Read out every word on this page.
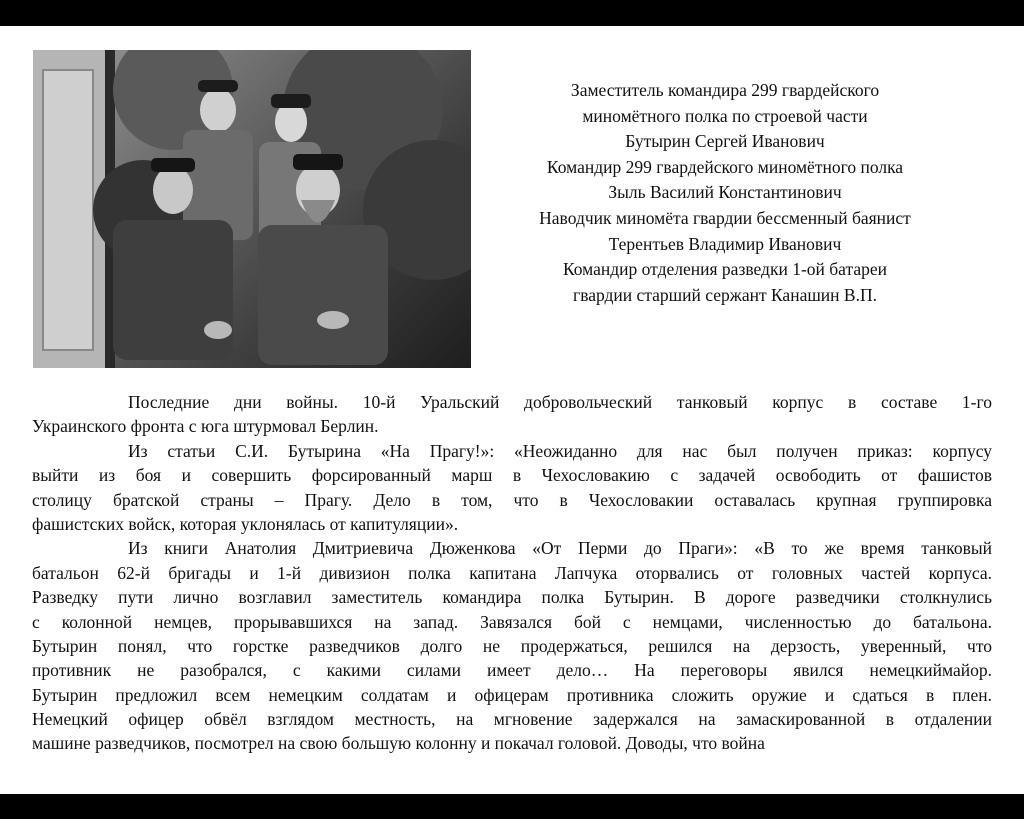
Заместитель командира 299 гвардейского
миномётного полка по строевой части
Бутырин Сергей Иванович
Командир 299 гвардейского миномётного полка
Зыль Василий Константинович
Наводчик миномёта гвардии бессменный баянист
Терентьев Владимир Иванович
Командир отделения разведки 1-ой батареи
гвардии старший сержант Канашин В.П.
Последние дни войны. 10-й Уральский добровольческий танковый корпус в составе 1-го
Украинского фронта с юга штурмовал Берлин.
Из статьи С.И. Бутырина «На Прагу!»: «Неожиданно для нас был получен приказ: корпусу
выйти из боя и совершить форсированный марш в Чехословакию с задачей освободить от фашистов
столицу братской страны – Прагу. Дело в том, что в Чехословакии оставалась крупная группировка
фашистских войск, которая уклонялась от капитуляции».
Из книги Анатолия Дмитриевича Дюженкова «От Перми до Праги»: «В то же время танковый
батальон 62-й бригады и 1-й дивизион полка капитана Лапчука оторвались от головных частей корпуса.
Разведку пути лично возглавил заместитель командира полка Бутырин. В дороге разведчики столкнулись
с колонной немцев, прорывавшихся на запад. Завязался бой с немцами, численностью до батальона.
Бутырин понял, что горстке разведчиков долго не продержаться, решился на дерзость, уверенный, что
противник не разобрался, с какими силами имеет дело… На переговоры явился немецкиймайор.
Бутырин предложил всем немецким солдатам и офицерам противника сложить оружие и сдаться в плен.
Немецкий офицер обвёл взглядом местность, на мгновение задержался на замаскированной в отдалении
машине разведчиков, посмотрел на свою большую колонну и покачал головой. Доводы, что война
